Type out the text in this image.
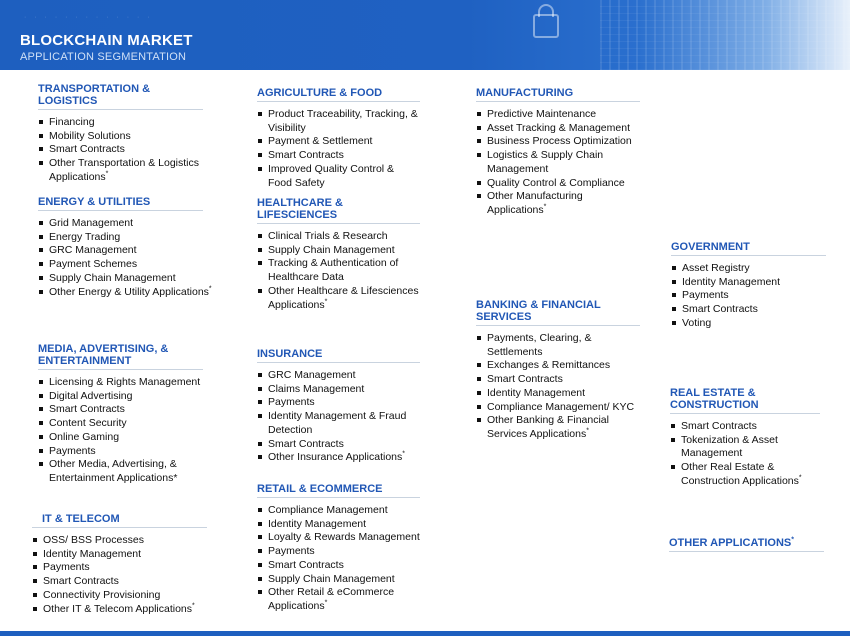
· · · · · · · · · · · · ·
BLOCKCHAIN MARKET
APPLICATION SEGMENTATION
TRANSPORTATION & LOGISTICS
Financing
Mobility Solutions
Smart Contracts
Other Transportation & Logistics Applications*
ENERGY & UTILITIES
Grid Management
Energy Trading
GRC Management
Payment Schemes
Supply Chain Management
Other Energy & Utility Applications*
MEDIA, ADVERTISING, & ENTERTAINMENT
Licensing & Rights Management
Digital Advertising
Smart Contracts
Content Security
Online Gaming
Payments
Other Media, Advertising, & Entertainment Applications*
IT & TELECOM
OSS/ BSS Processes
Identity Management
Payments
Smart Contracts
Connectivity Provisioning
Other IT & Telecom Applications*
AGRICULTURE & FOOD
Product Traceability, Tracking, & Visibility
Payment & Settlement
Smart Contracts
Improved Quality Control & Food Safety
HEALTHCARE & LIFESCIENCES
Clinical Trials & Research
Supply Chain Management
Tracking & Authentication of Healthcare Data
Other Healthcare & Lifesciences Applications*
INSURANCE
GRC Management
Claims Management
Payments
Identity Management & Fraud Detection
Smart Contracts
Other Insurance Applications*
RETAIL & ECOMMERCE
Compliance Management
Identity Management
Loyalty & Rewards Management
Payments
Smart Contracts
Supply Chain Management
Other Retail & eCommerce Applications*
MANUFACTURING
Predictive Maintenance
Asset Tracking & Management
Business Process Optimization
Logistics & Supply Chain Management
Quality Control & Compliance
Other Manufacturing Applications*
BANKING & FINANCIAL SERVICES
Payments, Clearing, & Settlements
Exchanges & Remittances
Smart Contracts
Identity Management
Compliance Management/ KYC
Other Banking & Financial Services Applications*
GOVERNMENT
Asset Registry
Identity Management
Payments
Smart Contracts
Voting
REAL ESTATE & CONSTRUCTION
Smart Contracts
Tokenization & Asset Management
Other Real Estate & Construction Applications*
OTHER APPLICATIONS*
